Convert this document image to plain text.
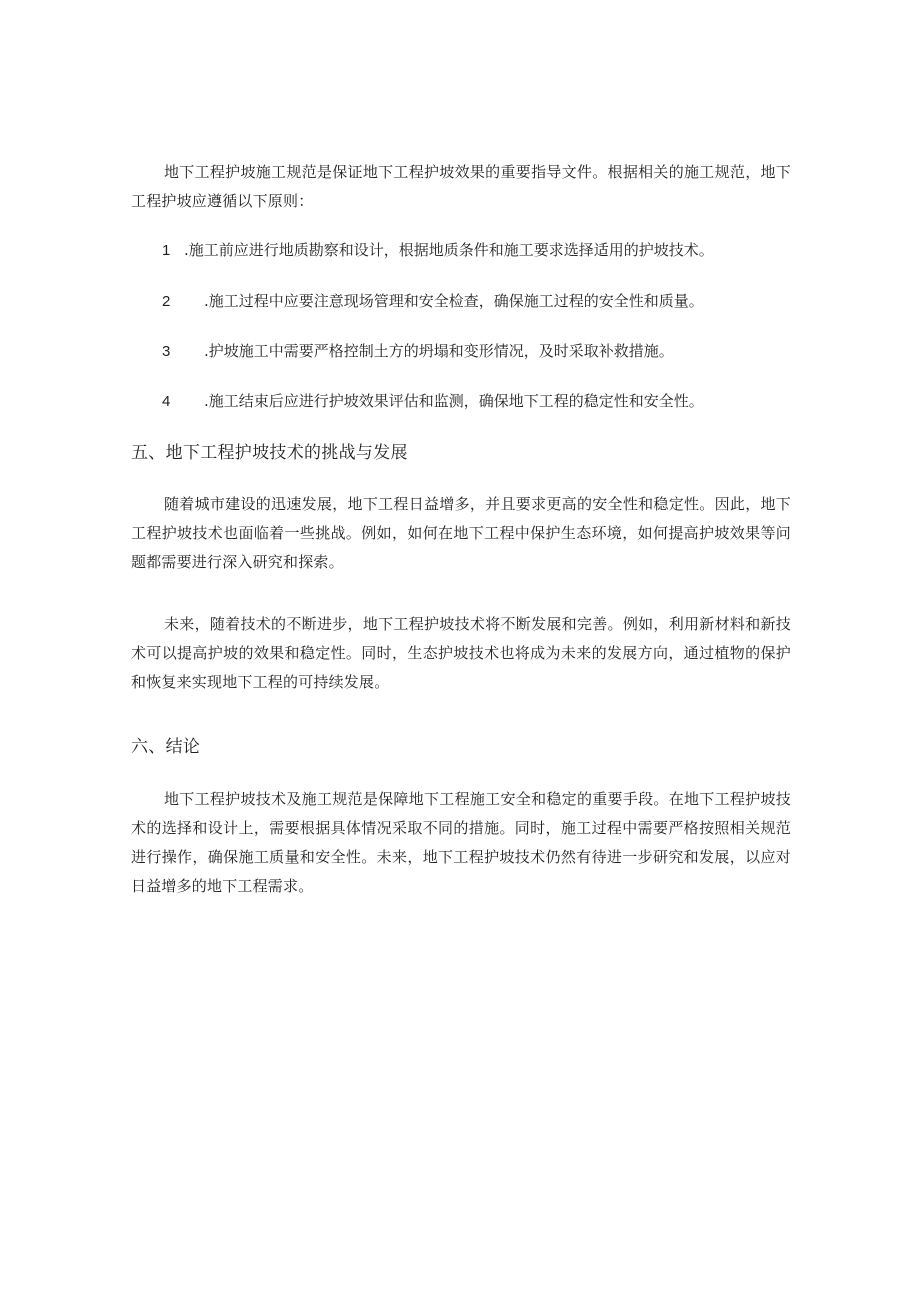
地下工程护坡施工规范是保证地下工程护坡效果的重要指导文件。根据相关的施工规范，地下工程护坡应遵循以下原则：

1 .施工前应进行地质勘察和设计，根据地质条件和施工要求选择适用的护坡技术。
2 .施工过程中应要注意现场管理和安全检查，确保施工过程的安全性和质量。
3 .护坡施工中需要严格控制土方的坍塌和变形情况，及时采取补救措施。
4 .施工结束后应进行护坡效果评估和监测，确保地下工程的稳定性和安全性。
五、地下工程护坡技术的挑战与发展

随着城市建设的迅速发展，地下工程日益增多，并且要求更高的安全性和稳定性。因此，地下工程护坡技术也面临着一些挑战。例如，如何在地下工程中保护生态环境，如何提高护坡效果等问题都需要进行深入研究和探索。

未来，随着技术的不断进步，地下工程护坡技术将不断发展和完善。例如，利用新材料和新技术可以提高护坡的效果和稳定性。同时，生态护坡技术也将成为未来的发展方向，通过植物的保护和恢复来实现地下工程的可持续发展。

六、结论

地下工程护坡技术及施工规范是保障地下工程施工安全和稳定的重要手段。在地下工程护坡技术的选择和设计上，需要根据具体情况采取不同的措施。同时，施工过程中需要严格按照相关规范进行操作，确保施工质量和安全性。未来，地下工程护坡技术仍然有待进一步研究和发展，以应对日益增多的地下工程需求。
